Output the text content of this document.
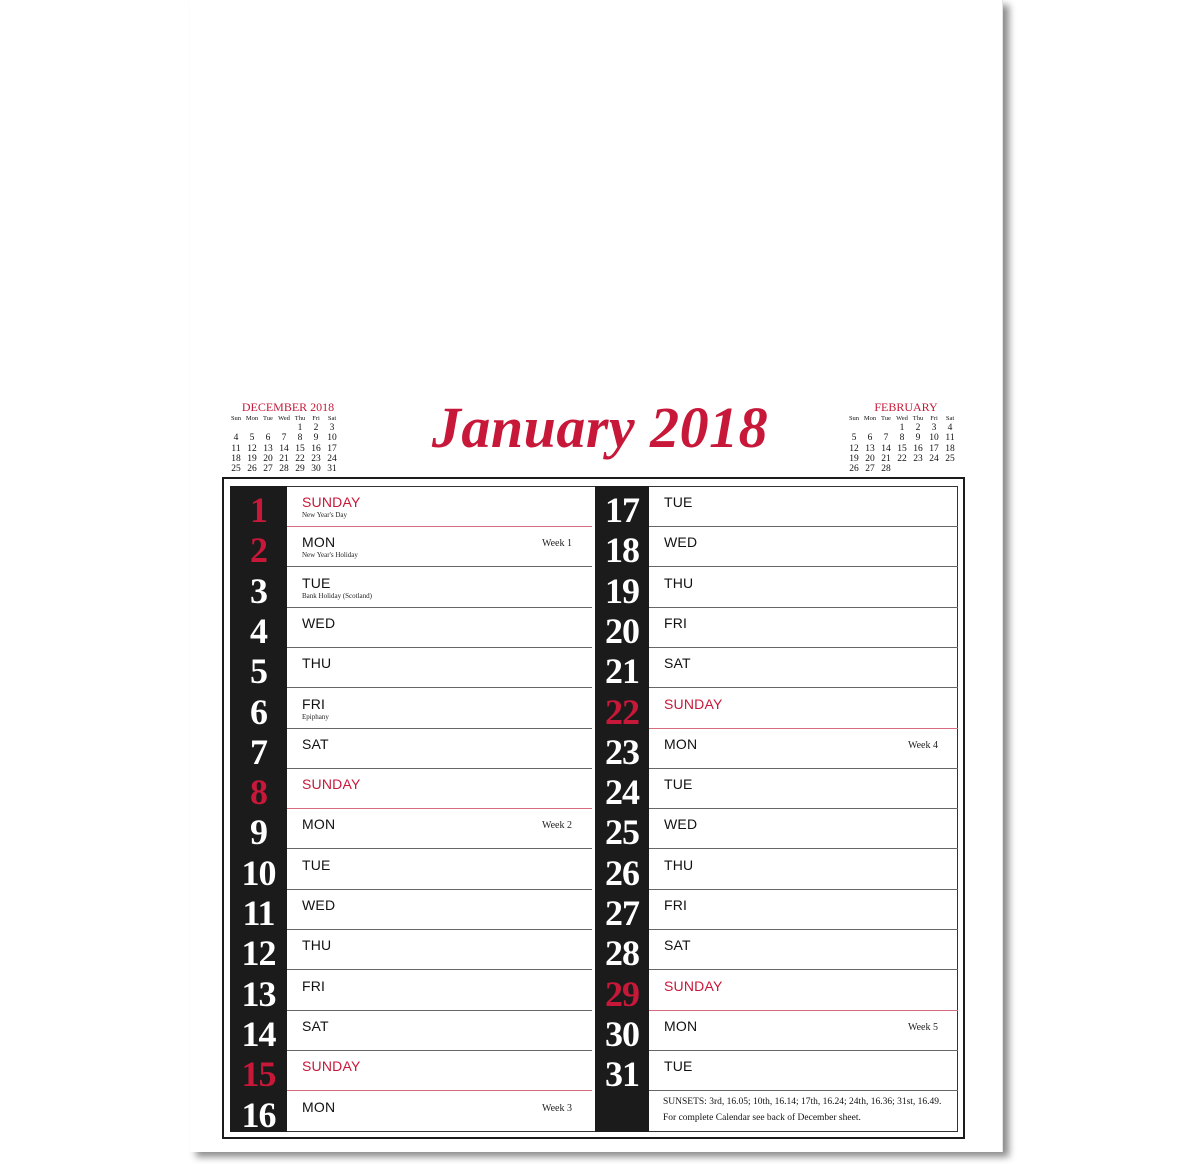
DECEMBER 2018
Sun	Mon	Tue	Wed	Thu	Fri	Sat
				1	2	3
4	5	6	7	8	9	10
11	12	13	14	15	16	17
18	19	20	21	22	23	24
25	26	27	28	29	30	31
January 2018	FEBRUARY
Sun	Mon	Tue	Wed	Thu	Fri	Sat
			1	2	3	4
5	6	7	8	9	10	11
12	13	14	15	16	17	18
19	20	21	22	23	24	25
26	27	28				
1	SUNDAY
New Year's Day
2	MON
New Year's Holiday
Week 1
3	TUE
Bank Holiday (Scotland)
4	WED
5	THU
6	FRI
Epiphany
7	SAT
8	SUNDAY
9	MON	Week 2
10	TUE
11	WED
12	THU
13	FRI
14	SAT
15	SUNDAY
16	MON	Week 3
17	TUE
18	WED
19	THU
20	FRI
21	SAT
22	SUNDAY
23	MON	Week 4
24	TUE
25	WED
26	THU
27	FRI
28	SAT
29	SUNDAY
30	MON	Week 5
31	TUE
SUNSETS: 3rd, 16.05; 10th, 16.14; 17th, 16.24; 24th, 16.36; 31st, 16.49.
For complete Calendar see back of December sheet.
